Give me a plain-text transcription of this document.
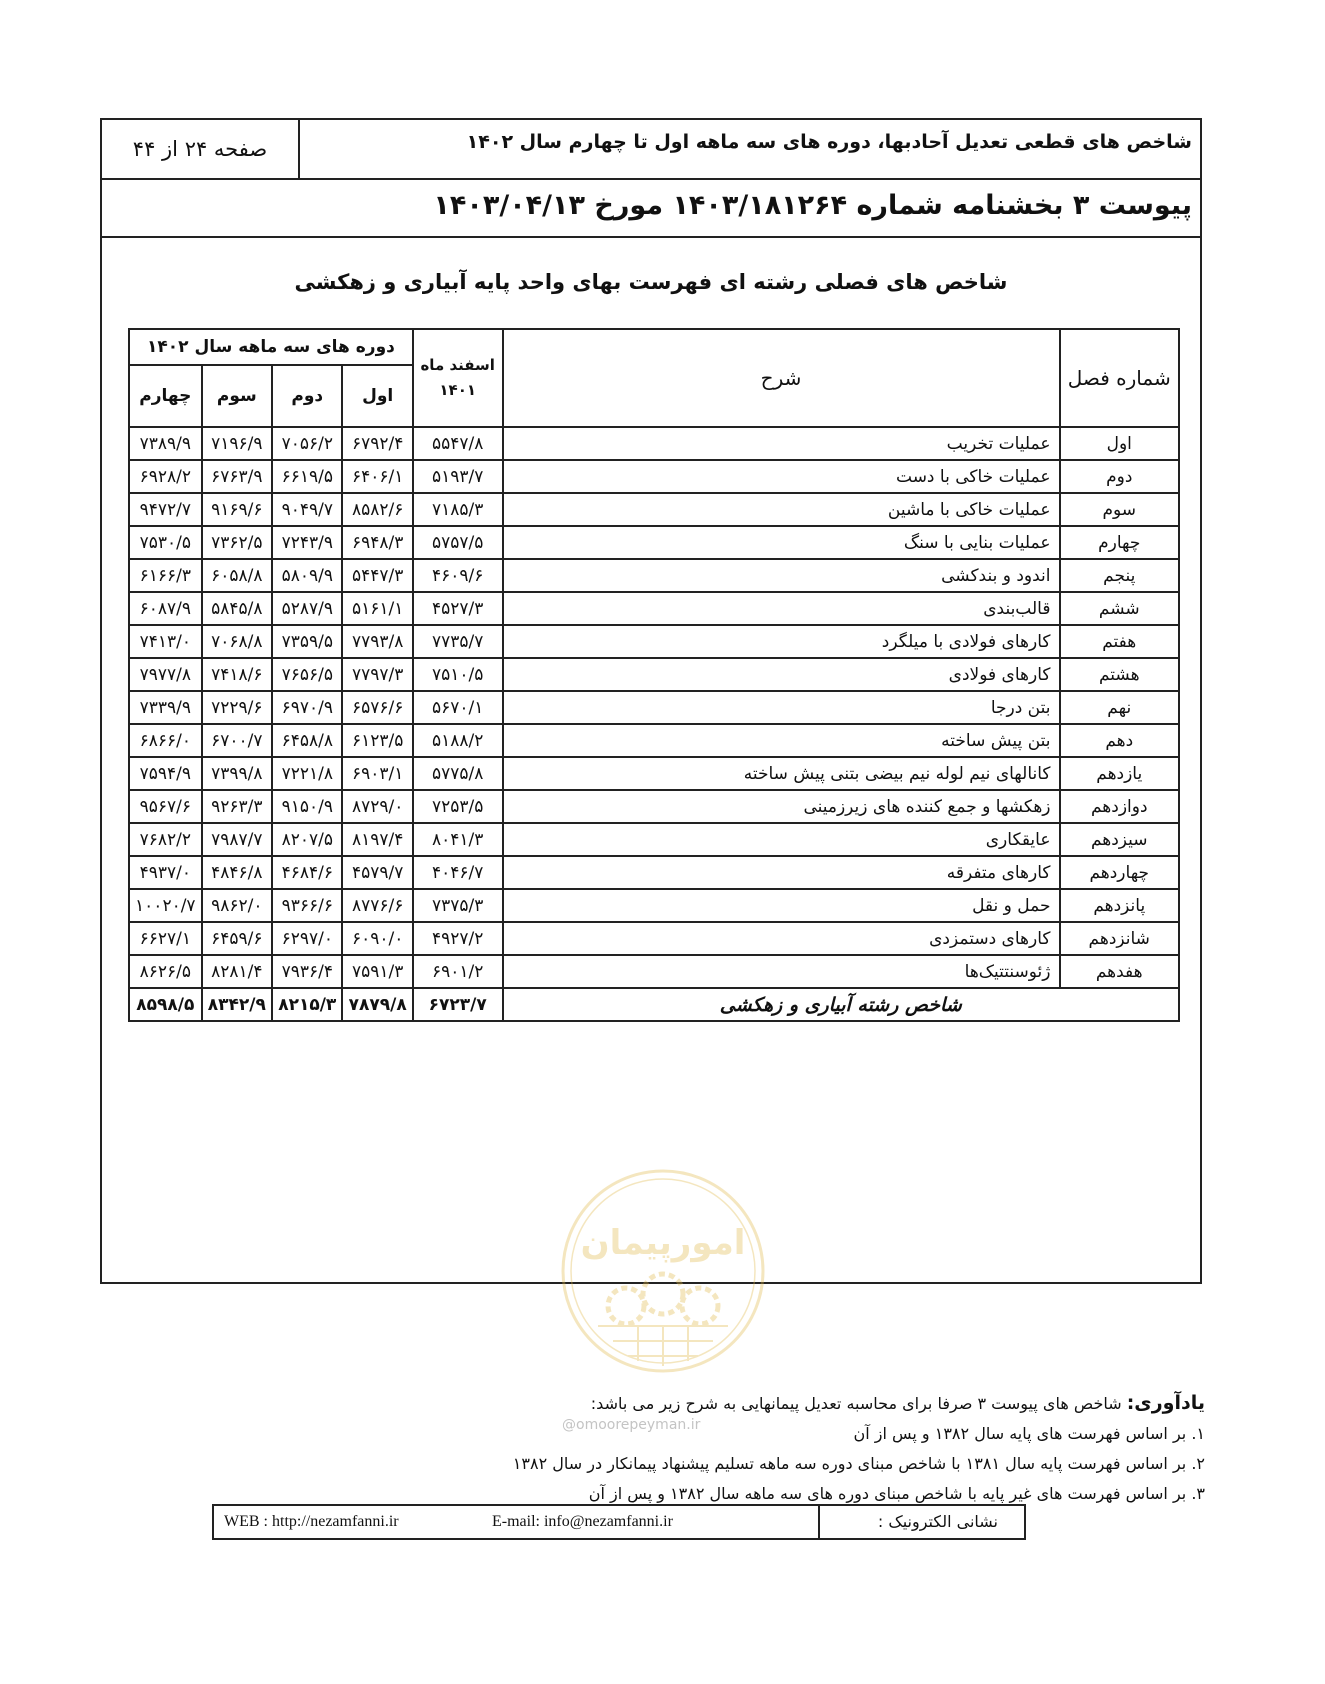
شاخص های قطعی تعدیل آحادبها، دوره های سه ماهه اول تا چهارم سال ۱۴۰۲
صفحه ۲۴ از ۴۴
پیوست ۳ بخشنامه شماره ۱۴۰۳/۱۸۱۲۶۴ مورخ ۱۴۰۳/۰۴/۱۳
شاخص های فصلی رشته ای فهرست بهای واحد پایه آبیاری و زهکشی
شماره فصل	شرح	اسفند ماه ۱۴۰۱	دوره های سه ماهه سال ۱۴۰۲			
			اول	دوم	سوم	چهارم
اول	عملیات تخریب	۵۵۴۷/۸	۶۷۹۲/۴	۷۰۵۶/۲	۷۱۹۶/۹	۷۳۸۹/۹
دوم	عملیات خاکی با دست	۵۱۹۳/۷	۶۴۰۶/۱	۶۶۱۹/۵	۶۷۶۳/۹	۶۹۲۸/۲
سوم	عملیات خاکی با ماشین	۷۱۸۵/۳	۸۵۸۲/۶	۹۰۴۹/۷	۹۱۶۹/۶	۹۴۷۲/۷
چهارم	عملیات بنایی با سنگ	۵۷۵۷/۵	۶۹۴۸/۳	۷۲۴۳/۹	۷۳۶۲/۵	۷۵۳۰/۵
پنجم	اندود و بندکشی	۴۶۰۹/۶	۵۴۴۷/۳	۵۸۰۹/۹	۶۰۵۸/۸	۶۱۶۶/۳
ششم	قالب‌بندی	۴۵۲۷/۳	۵۱۶۱/۱	۵۲۸۷/۹	۵۸۴۵/۸	۶۰۸۷/۹
هفتم	کارهای فولادی با میلگرد	۷۷۳۵/۷	۷۷۹۳/۸	۷۳۵۹/۵	۷۰۶۸/۸	۷۴۱۳/۰
هشتم	کارهای فولادی	۷۵۱۰/۵	۷۷۹۷/۳	۷۶۵۶/۵	۷۴۱۸/۶	۷۹۷۷/۸
نهم	بتن درجا	۵۶۷۰/۱	۶۵۷۶/۶	۶۹۷۰/۹	۷۲۲۹/۶	۷۳۳۹/۹
دهم	بتن پیش ساخته	۵۱۸۸/۲	۶۱۲۳/۵	۶۴۵۸/۸	۶۷۰۰/۷	۶۸۶۶/۰
یازدهم	کانالهای نیم لوله نیم بیضی بتنی پیش ساخته	۵۷۷۵/۸	۶۹۰۳/۱	۷۲۲۱/۸	۷۳۹۹/۸	۷۵۹۴/۹
دوازدهم	زهکشها و جمع کننده های زیرزمینی	۷۲۵۳/۵	۸۷۲۹/۰	۹۱۵۰/۹	۹۲۶۳/۳	۹۵۶۷/۶
سیزدهم	عایقکاری	۸۰۴۱/۳	۸۱۹۷/۴	۸۲۰۷/۵	۷۹۸۷/۷	۷۶۸۲/۲
چهاردهم	کارهای متفرقه	۴۰۴۶/۷	۴۵۷۹/۷	۴۶۸۴/۶	۴۸۴۶/۸	۴۹۳۷/۰
پانزدهم	حمل و نقل	۷۳۷۵/۳	۸۷۷۶/۶	۹۳۶۶/۶	۹۸۶۲/۰	۱۰۰۲۰/۷
شانزدهم	کارهای دستمزدی	۴۹۲۷/۲	۶۰۹۰/۰	۶۲۹۷/۰	۶۴۵۹/۶	۶۶۲۷/۱
هفدهم	ژئوسنتتیک‌ها	۶۹۰۱/۲	۷۵۹۱/۳	۷۹۳۶/۴	۸۲۸۱/۴	۸۶۲۶/۵
شاخص رشته آبیاری و زهکشی		۶۷۲۳/۷	۷۸۷۹/۸	۸۲۱۵/۳	۸۳۴۲/۹	۸۵۹۸/۵
امورپیمان
@omoorepeyman.ir
یادآوری: شاخص های پیوست ۳ صرفا برای محاسبه تعدیل پیمانهایی به شرح زیر می باشد:
۱. بر اساس فهرست های پایه سال ۱۳۸۲ و پس از آن
۲. بر اساس فهرست پایه سال ۱۳۸۱ با شاخص مبنای دوره سه ماهه تسلیم پیشنهاد پیمانکار در سال ۱۳۸۲
۳. بر اساس فهرست های غیر پایه با شاخص مبنای دوره های سه ماهه سال ۱۳۸۲ و پس از آن
WEB : http://nezamfanni.ir	E-mail: info@nezamfanni.ir	نشانی الکترونیک :
